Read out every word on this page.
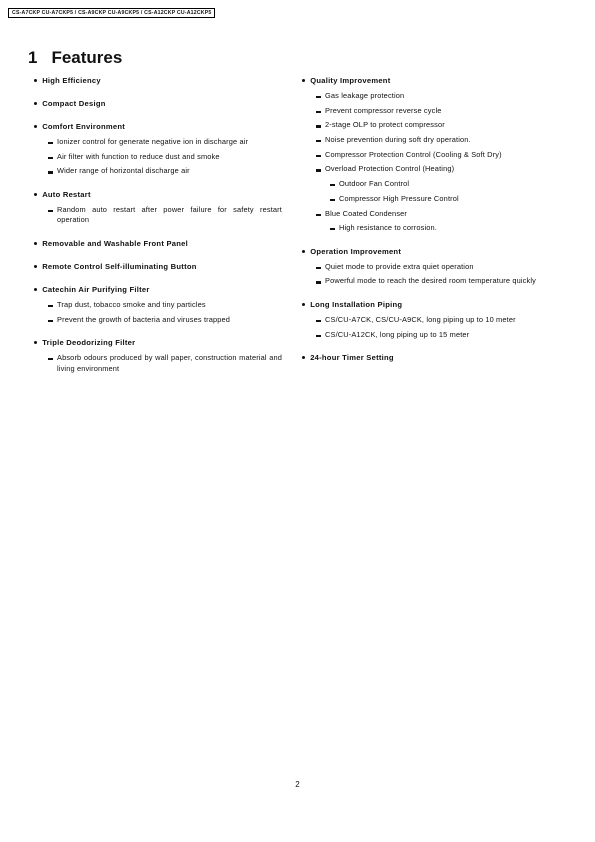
CS-A7CKP CU-A7CKP5 / CS-A9CKP CU-A9CKP5 / CS-A12CKP CU-A12CKP5
1 Features
High Efficiency
Compact Design
Comfort Environment
Ionizer control for generate negative ion in discharge air
Air filter with function to reduce dust and smoke
Wider range of horizontal discharge air
Auto Restart
Random auto restart after power failure for safety restart operation
Removable and Washable Front Panel
Remote Control Self-illuminating Button
Catechin Air Purifying Filter
Trap dust, tobacco smoke and tiny particles
Prevent the growth of bacteria and viruses trapped
Triple Deodorizing Filter
Absorb odours produced by wall paper, construction material and living environment
Quality Improvement
Gas leakage protection
Prevent compressor reverse cycle
2-stage OLP to protect compressor
Noise prevention during soft dry operation.
Compressor Protection Control (Cooling & Soft Dry)
Overload Protection Control (Heating)
Outdoor Fan Control
Compressor High Pressure Control
Blue Coated Condenser
High resistance to corrosion.
Operation Improvement
Quiet mode to provide extra quiet operation
Powerful mode to reach the desired room temperature quickly
Long Installation Piping
CS/CU-A7CK, CS/CU-A9CK, long piping up to 10 meter
CS/CU-A12CK, long piping up to 15 meter
24-hour Timer Setting
2
